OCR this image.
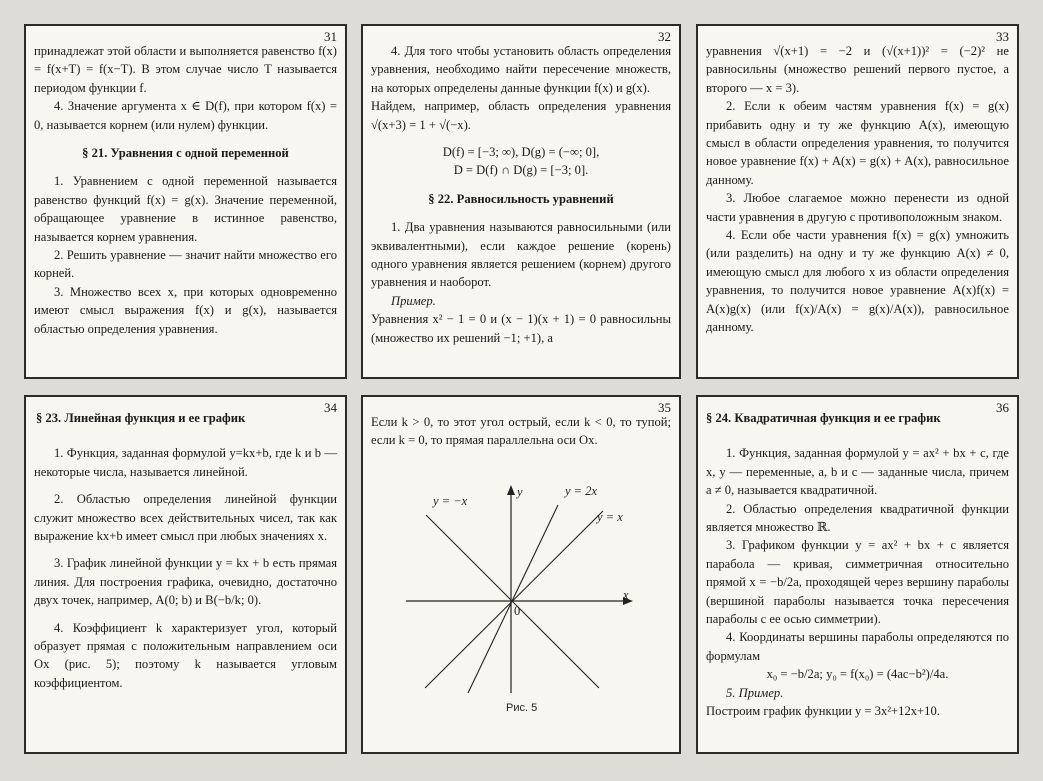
31

принадлежат этой области и выполняется равенство f(x) = f(x+T) = f(x−T). В этом случае число T называется периодом функции f.

4. Значение аргумента x ∈ D(f), при котором f(x) = 0, называется корнем (или нулем) функции.

§ 21. Уравнения с одной переменной

1. Уравнением с одной переменной называется равенство функций f(x) = g(x). Значение переменной, обращающее уравнение в истинное равенство, называется корнем уравнения.

2. Решить уравнение — значит найти множество его корней.

3. Множество всех x, при которых одновременно имеют смысл выражения f(x) и g(x), называется областью определения уравнения.

32

4. Для того чтобы установить область определения уравнения, необходимо найти пересечение множеств, на которых определены данные функции f(x) и g(x).

Найдем, например, область определения уравнения √(x+3) = 1 + √(−x).

D(f) = [−3; ∞), D(g) = (−∞; 0],

D = D(f) ∩ D(g) = [−3; 0].

§ 22. Равносильность уравнений

1. Два уравнения называются равносильными (или эквивалентными), если каждое решение (корень) одного уравнения является решением (корнем) другого уравнения и наоборот.

Пример.

Уравнения x² − 1 = 0 и (x − 1)(x + 1) = 0 равносильны (множество их решений −1; +1), а

33

уравнения √(x+1) = −2 и (√(x+1))² = (−2)² не равносильны (множество решений первого пустое, а второго — x = 3).

2. Если к обеим частям уравнения f(x) = g(x) прибавить одну и ту же функцию A(x), имеющую смысл в области определения уравнения, то получится новое уравнение f(x) + A(x) = g(x) + A(x), равносильное данному.

3. Любое слагаемое можно перенести из одной части уравнения в другую с противоположным знаком.

4. Если обе части уравнения f(x) = g(x) умножить (или разделить) на одну и ту же функцию A(x) ≠ 0, имеющую смысл для любого x из области определения уравнения, то получится новое уравнение A(x)f(x) = A(x)g(x) (или f(x)/A(x) = g(x)/A(x)), равносильное данному.

34
§ 23. Линейная функция и ее график

1. Функция, заданная формулой y=kx+b, где k и b — некоторые числа, называется линейной.

2. Областью определения линейной функции служит множество всех действительных чисел, так как выражение kx+b имеет смысл при любых значениях x.

3. График линейной функции y = kx + b есть прямая линия. Для построения графика, очевидно, достаточно двух точек, например, A(0; b) и B(−b/k; 0).

4. Коэффициент k характеризует угол, который образует прямая с положительным направлением оси Ox (рис. 5); поэтому k называется угловым коэффициентом.

35

Если k > 0, то этот угол острый, если k < 0, то тупой; если k = 0, то прямая параллельна оси Ox.

y = −x
y	y = 2x
y = x
x
0
Рис. 5
36
§ 24. Квадратичная функция и ее график

1. Функция, заданная формулой y = ax² + bx + c, где x, y — переменные, a, b и c — заданные числа, причем a ≠ 0, называется квадратичной.

2. Областью определения квадратичной функции является множество ℝ.

3. Графиком функции y = ax² + bx + c является парабола — кривая, симметричная относительно прямой x = −b/2a, проходящей через вершину параболы (вершиной параболы называется точка пересечения параболы с ее осью симметрии).

4. Координаты вершины параболы определяются по формулам

x₀ = −b/2a; y₀ = f(x₀) = (4ac−b²)/4a.

5. Пример.

Построим график функции y = 3x²+12x+10.
